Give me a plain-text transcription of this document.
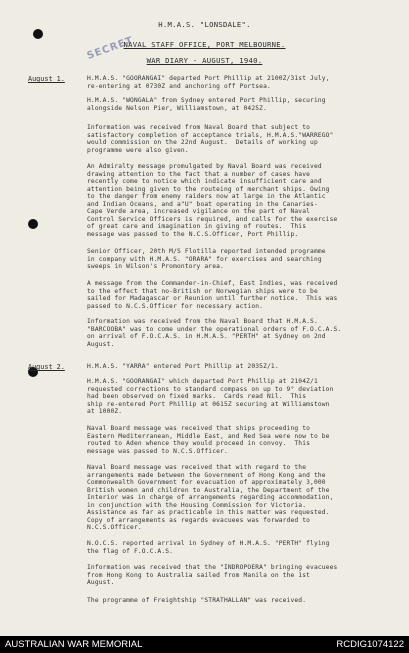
SECRET
H.M.A.S. "LONSDALE".
NAVAL STAFF OFFICE, PORT MELBOURNE.
WAR DIARY - AUGUST, 1940.
August 1.	H.M.A.S. "GOORANGAI" departed Port Phillip at 2100Z/31st July,
re-entering at 0730Z and anchoring off Portsea.
H.M.A.S. "WONGALA" from Sydney entered Port Phillip, securing
alongside Nelson Pier, Williamstown, at 0425Z.
Information was received from Naval Board that subject to
satisfactory completion of acceptance trials, H.M.A.S."WARREGO"
would commission on the 22nd August.  Details of working up
programme were also given.
An Admiralty message promulgated by Naval Board was received
drawing attention to the fact that a number of cases have
recently come to notice which indicate insufficient care and
attention being given to the routeing of merchant ships. Owing
to the danger from enemy raiders now at large in the Atlantic
and Indian Oceans, and a"U" boat operating in the Canaries-
Cape Verde area, increased vigilance on the part of Naval
Control Service Officers is required, and calls for the exercise
of great care and imagination in giving of routes.  This
message was passed to the N.C.S.Officer, Port Phillip.
Senior Officer, 20th M/S Flotilla reported intended programme
in company with H.M.A.S. "ORARA" for exercises and searching
sweeps in Wilson's Promontory area.
A message from the Commander-in-Chief, East Indies, was received
to the effect that no-British or Norwegian ships were to be
sailed for Madagascar or Reunion until further notice.  This was
passed to N.C.S.Officer for necessary action.
Information was received from the Naval Board that H.M.A.S.
"BARCOOBA" was to come under the operational orders of F.O.C.A.S.
on arrival of F.O.C.A.S. in H.M.A.S. "PERTH" at Sydney on 2nd
August.
August 2.	H.M.A.S. "YARRA" entered Port Phillip at 2035Z/1.
H.M.A.S. "GOORANGAI" which departed Port Phillip at 2104Z/1
requested corrections to standard compass on up to 9° deviation
had been observed on fixed marks.  Cards read Nil.  This
ship re-entered Port Phillip at 0615Z securing at Williamstown
at 1000Z.
Naval Board message was received that ships proceeding to
Eastern Mediterranean, Middle East, and Red Sea were now to be
routed to Aden whence they would proceed in convoy.  This
message was passed to N.C.S.Officer.
Naval Board message was received that with regard to the
arrangements made between the Government of Hong Kong and the
Commonwealth Government for evacuation of approximately 3,000
British women and children to Australia, the Department of the
Interior was in charge of arrangements regarding accommodation,
in conjunction with the Housing Commission for Victoria.
Assistance as far as practicable in this matter was requested.
Copy of arrangements as regards evacuees was forwarded to
N.C.S.Officer.
N.O.C.S. reported arrival in Sydney of H.M.A.S. "PERTH" flying
the flag of F.O.C.A.S.
Information was received that the "INDROPOERA" bringing evacuees
from Hong Kong to Australia sailed from Manila on the 1st
August.
The programme of Freightship "STRATHALLAN" was received.
AUSTRALIAN WAR MEMORIAL	RCDIG1074122
